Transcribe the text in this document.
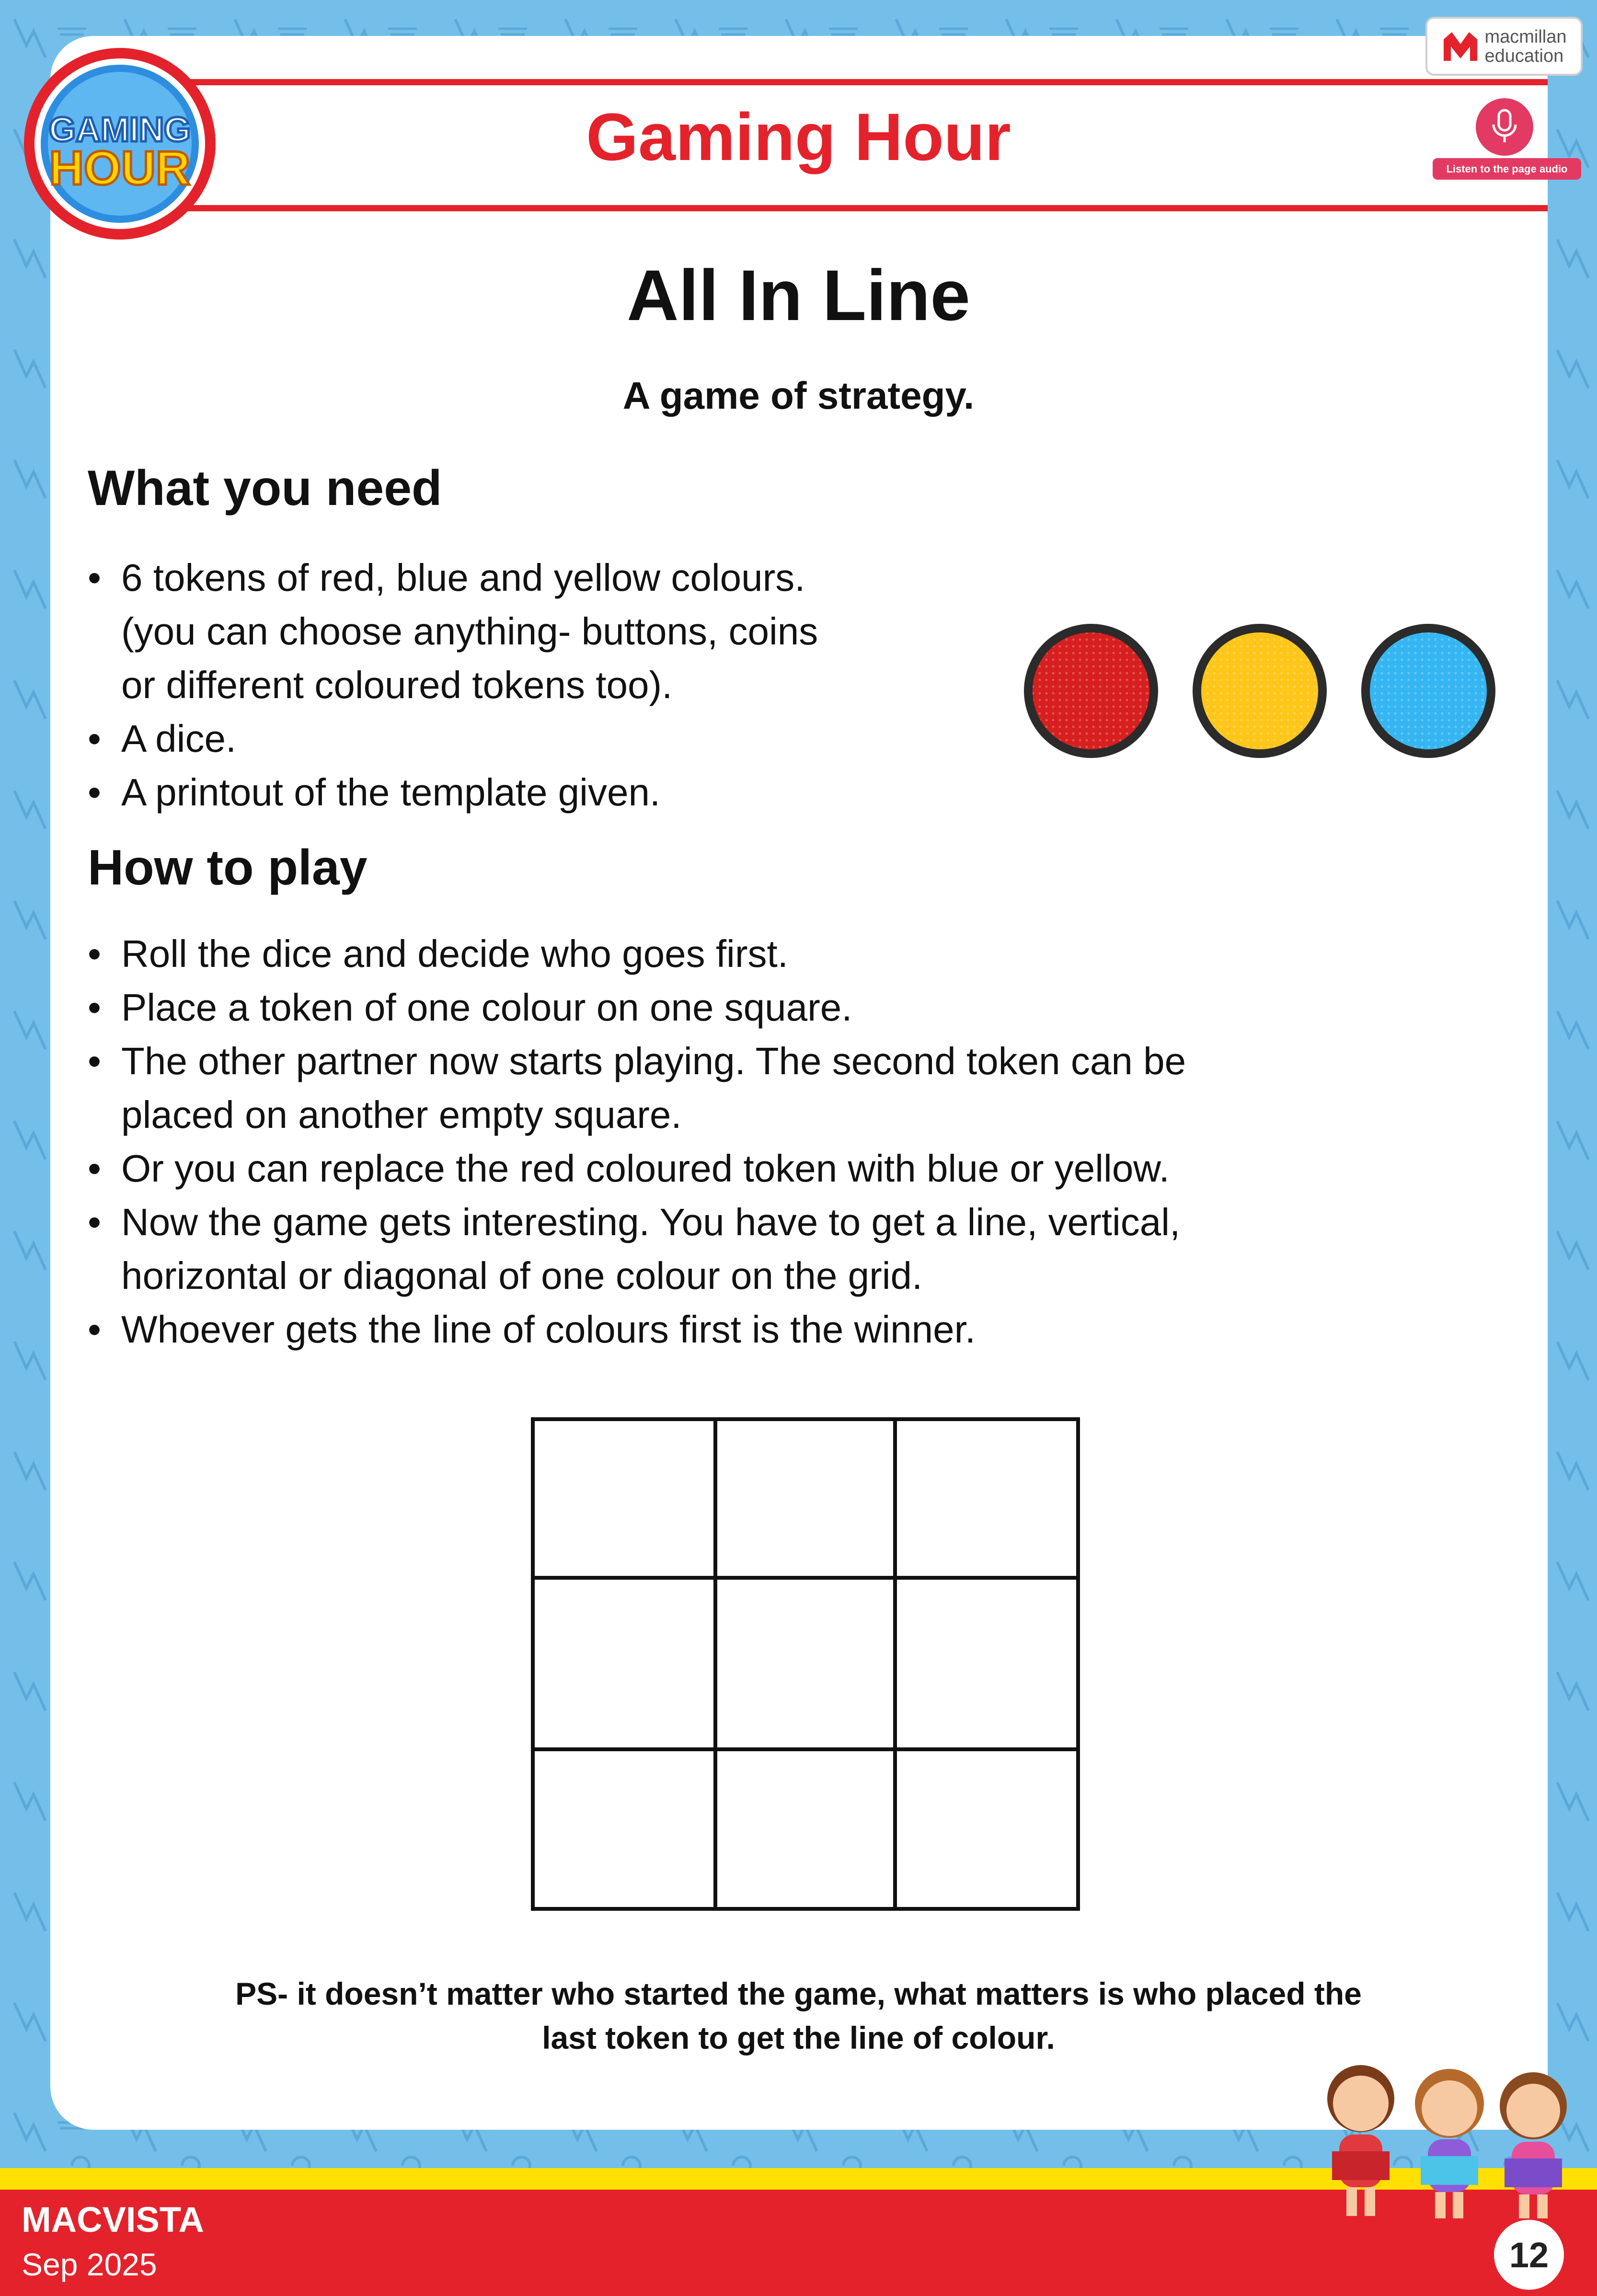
Gaming Hour
GAMING
HOUR
macmillan
education
Listen to the page audio
All In Line
A game of strategy.
What you need
• 6 tokens of red, blue and yellow colours.
(you can choose anything- buttons, coins
or different coloured tokens too).
• A dice.
• A printout of the template given.
How to play
• Roll the dice and decide who goes first.
• Place a token of one colour on one square.
• The other partner now starts playing. The second token can be
placed on another empty square.
• Or you can replace the red coloured token with blue or yellow.
• Now the game gets interesting. You have to get a line, vertical,
horizontal or diagonal of one colour on the grid.
• Whoever gets the line of colours first is the winner.
PS- it doesn’t matter who started the game, what matters is who placed the
last token to get the line of colour.
MACVISTA
Sep 2025	12
